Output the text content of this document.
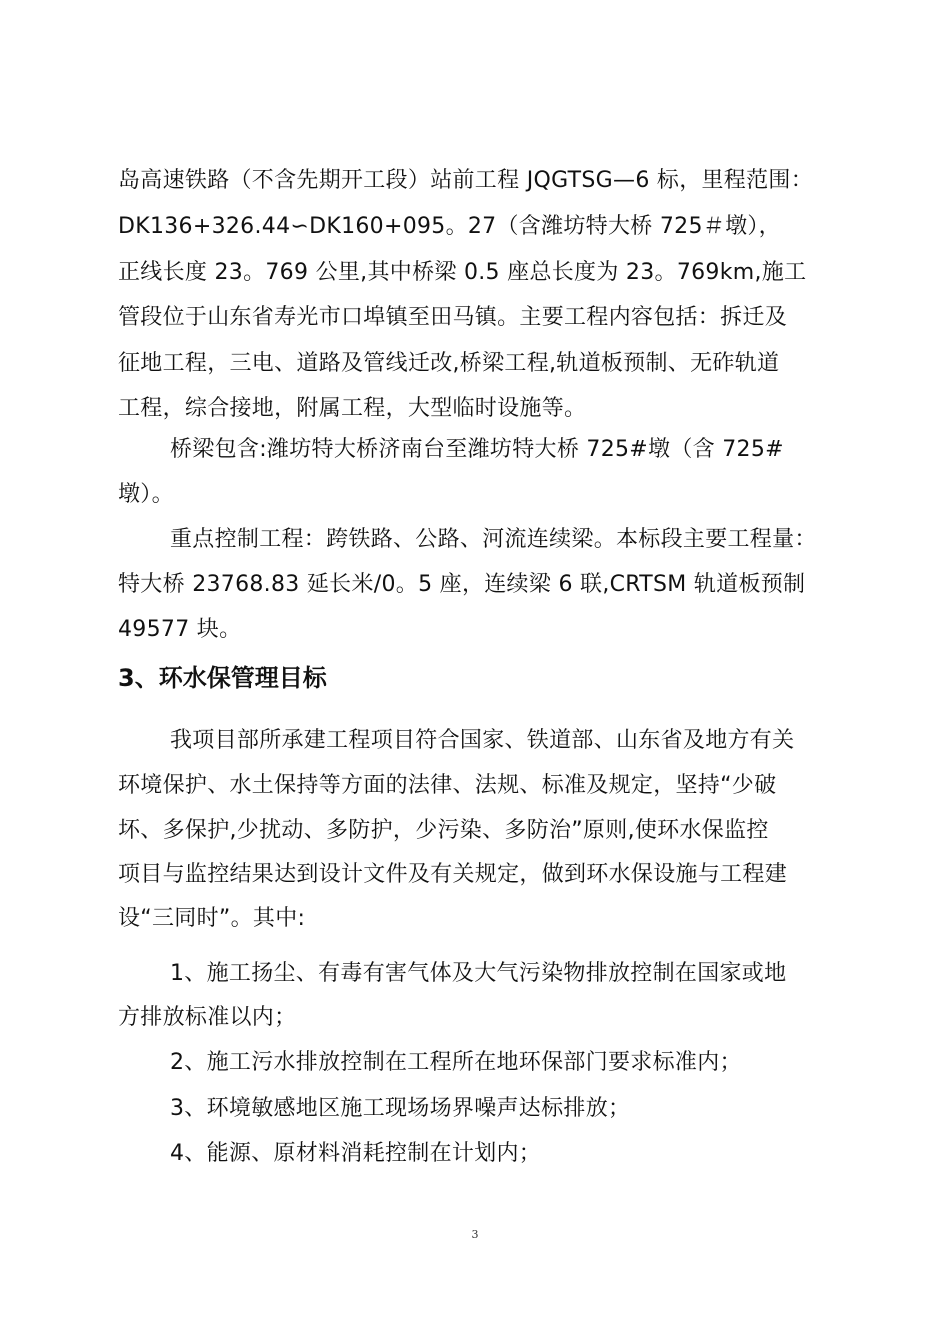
岛高速铁路（不含先期开工段）站前工程 JQGTSG—6 标，里程范围：
DK136+326.44∽DK160+095。27（含潍坊特大桥 725＃墩），
正线长度 23。769 公里,其中桥梁 0.5 座总长度为 23。769km,施工
管段位于山东省寿光市口埠镇至田马镇。主要工程内容包括：拆迁及
征地工程，三电、道路及管线迁改,桥梁工程,轨道板预制、无砟轨道
工程，综合接地，附属工程，大型临时设施等。
桥梁包含:潍坊特大桥济南台至潍坊特大桥 725#墩（含 725#
墩）。
重点控制工程：跨铁路、公路、河流连续梁。本标段主要工程量：
特大桥 23768.83 延长米/0。5 座，连续梁 6 联,CRTSM 轨道板预制
49577 块。
3、环水保管理目标
我项目部所承建工程项目符合国家、铁道部、山东省及地方有关
环境保护、水土保持等方面的法律、法规、标准及规定，坚持“少破
坏、多保护,少扰动、多防护，少污染、多防治”原则,使环水保监控
项目与监控结果达到设计文件及有关规定，做到环水保设施与工程建
设“三同时”。其中:
1、施工扬尘、有毒有害气体及大气污染物排放控制在国家或地
方排放标准以内；
2、施工污水排放控制在工程所在地环保部门要求标准内；
3、环境敏感地区施工现场场界噪声达标排放；
4、能源、原材料消耗控制在计划内；
3
